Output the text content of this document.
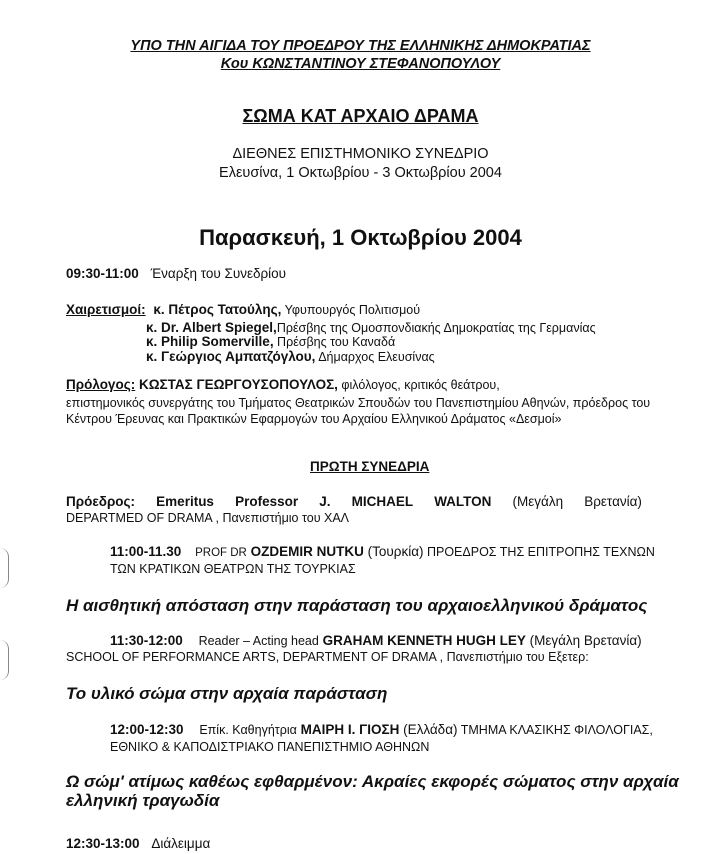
ΥΠΟ ΤΗΝ ΑΙΓΙΔΑ ΤΟΥ ΠΡΟΕΔΡΟΥ ΤΗΣ ΕΛΛΗΝΙΚΗΣ ΔΗΜΟΚΡΑΤΙΑΣ
Κου ΚΩΝΣΤΑΝΤΙΝΟΥ ΣΤΕΦΑΝΟΠΟΥΛΟΥ
ΣΩΜΑ ΚΑΤ ΑΡΧΑΙΟ ΔΡΑΜΑ
ΔΙΕΘΝΕΣ ΕΠΙΣΤΗΜΟΝΙΚΟ ΣΥΝΕΔΡΙΟ
Ελευσίνα, 1 Οκτωβρίου - 3 Οκτωβρίου 2004
Παρασκευή, 1 Οκτωβρίου 2004
09:30-11:00 Έναρξη του Συνεδρίου
Χαιρετισμοί: κ. Πέτρος Τατούλης, Υφυπουργός Πολιτισμού
κ. Dr. Albert Spiegel,Πρέσβης της Ομοσπονδιακής Δημοκρατίας της Γερμανίας
κ. Philip Somerville, Πρέσβης του Καναδά
κ. Γεώργιος Αμπατζόγλου, Δήμαρχος Ελευσίνας
Πρόλογος: ΚΩΣΤΑΣ ΓΕΩΡΓΟΥΣΟΠΟΥΛΟΣ, φιλόλογος, κριτικός θεάτρου,
επιστημονικός συνεργάτης του Τμήματος Θεατρικών Σπουδών του Πανεπιστημίου Αθηνών, πρόεδρος του
Κέντρου Έρευνας και Πρακτικών Εφαρμογών του Αρχαίου Ελληνικού Δράματος «Δεσμοί»
ΠΡΩΤΗ ΣΥΝΕΔΡΙΑ
Πρόεδρος: Emeritus Professor J. MICHAEL WALTON (Μεγάλη Βρετανία)
DEPARTMED OF DRAMA , Πανεπιστήμιο του ΧΑΛ
11:00-11.30 PROF DR OZDEMIR NUTKU (Τουρκία) ΠΡΟΕΔΡΟΣ ΤΗΣ ΕΠΙΤΡΟΠΗΣ ΤΕΧΝΩΝ
ΤΩΝ ΚΡΑΤΙΚΩΝ ΘΕΑΤΡΩΝ ΤΗΣ ΤΟΥΡΚΙΑΣ
Η αισθητική απόσταση στην παράσταση του αρχαιοελληνικού δράματος
11:30-12:00 Reader – Acting head GRAHAM KENNETH HUGH LEY (Μεγάλη Βρετανία)
SCHOOL OF PERFORMANCE ARTS, DEPARTMENT OF DRAMA , Πανεπιστήμιο του Εξετερ:
Το υλικό σώμα στην αρχαία παράσταση
12:00-12:30 Επίκ. Καθηγήτρια ΜΑΙΡΗ Ι. ΓΙΟΣΗ (Ελλάδα) ΤΜΗΜΑ ΚΛΑΣΙΚΗΣ ΦΙΛΟΛΟΓΙΑΣ,
ΕΘΝΙΚΟ & ΚΑΠΟΔΙΣΤΡΙΑΚΟ ΠΑΝΕΠΙΣΤΗΜΙΟ ΑΘΗΝΩΝ
Ω σώμ' ατίμως καθέως εφθαρμένον: Ακραίες εκφορές σώματος στην αρχαία
ελληνική τραγωδία
12:30-13:00 Διάλειμμα
